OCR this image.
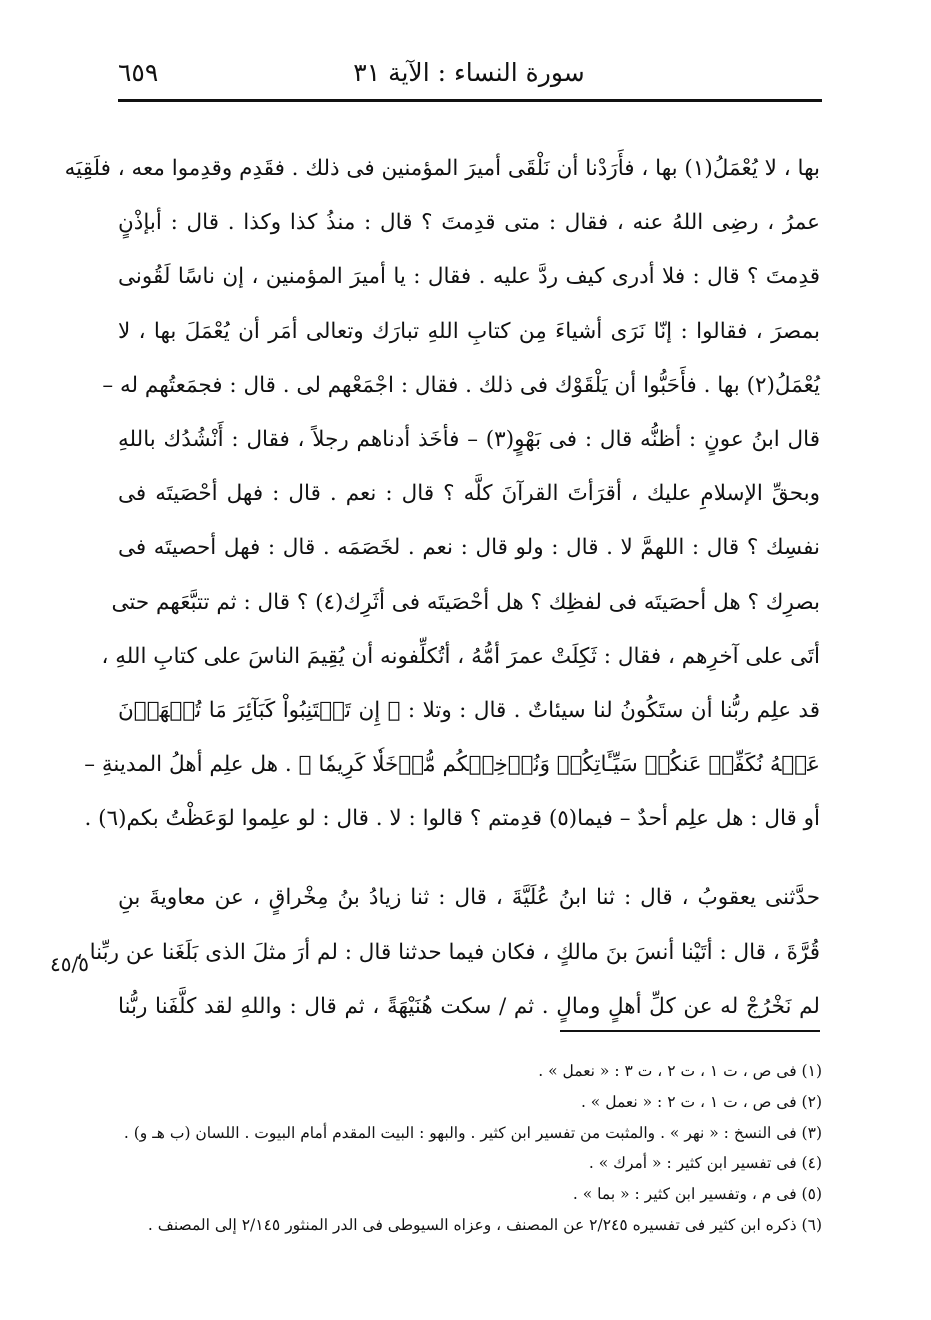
سورة النساء : الآية ٣١
٦٥٩
بها ، لا يُعْمَلُ(١) بها ، فأَرَدْنا أن نَلْقَى أميرَ المؤمنين فى ذلك . فقَدِم وقدِموا معه ، فلَقِيَه
عمرُ ، رضِى اللهُ عنه ، فقال : متى قدِمتَ ؟ قال : منذُ كذا وكذا . قال : أبإذْنٍ
قدِمتَ ؟ قال : فلا أدرى كيف ردَّ عليه . فقال : يا أميرَ المؤمنين ، إن ناسًا لَقُونى
بمصرَ ، فقالوا : إنّا نَرَى أشياءَ مِن كتابِ اللهِ تبارَك وتعالى أمَر أن يُعْمَلَ بها ، لا
يُعْمَلُ(٢) بها . فأَحَبُّوا أن يَلْقَوْك فى ذلك . فقال : اجْمَعْهم لى . قال : فجمَعتُهم له –
قال ابنُ عونٍ : أظنُّه قال : فى بَهْوٍ(٣) – فأخَذ أدناهم رجلاً ، فقال : أَنْشُدُك باللهِ
وبحقِّ الإسلامِ عليك ، أقرَأتَ القرآنَ كلَّه ؟ قال : نعم . قال : فهل أحْصَيتَه فى
نفسِك ؟ قال : اللهمَّ لا . قال : ولو قال : نعم . لخَصَمَه . قال : فهل أحصيتَه فى
بصرِك ؟ هل أحصَيتَه فى لفظِك ؟ هل أحْصَيتَه فى أثَرِك(٤) ؟ قال : ثم تتبَّعَهم حتى
أتَى على آخرِهم ، فقال : ثَكِلَتْ عمرَ أمُّهُ ، أتُكلِّفونه أن يُقِيمَ الناسَ على كتابِ اللهِ ،
قد علِم ربُّنا أن ستَكُونُ لنا سيئاتٌ . قال : وتلا : ﴿ إِن تَجۡتَنِبُواْ كَبَآئِرَ مَا تُنۡهَوۡنَ
عَنۡهُ نُكَفِّرۡ عَنكُمۡ سَيِّـَٔاتِكُمۡ وَنُدۡخِلۡكُم مُّدۡخَلٗا كَرِيمٗا ﴾ . هل علِم أهلُ المدينةِ –
أو قال : هل علِم أحدٌ – فيما(٥) قدِمتم ؟ قالوا : لا . قال : لو علِموا لوَعَظْتُ بكم(٦) .
حدَّثنى يعقوبُ ، قال : ثنا ابنُ عُلَيَّةَ ، قال : ثنا زيادُ بنُ مِخْراقٍ ، عن معاويةَ بنِ
قُرَّةَ ، قال : أتَيْنا أنسَ بنَ مالكٍ ، فكان فيما حدثنا قال : لم أرَ مثلَ الذى بَلَغَنا عن ربِّنا ،
لم نَخْرُجْ له عن كلِّ أهلٍ ومالٍ . ثم / سكت هُنَيْهَةً ، ثم قال : واللهِ لقد كلَّفَنا ربُّنا
٤٥/٥
(١) فى ص ، ت ١ ، ت ٢ ، ت ٣ : « نعمل » .
(٢) فى ص ، ت ١ ، ت ٢ : « نعمل » .
(٣) فى النسخ : « نهر » . والمثبت من تفسير ابن كثير . والبهو : البيت المقدم أمام البيوت . اللسان (ب هـ و) .
(٤) فى تفسير ابن كثير : « أمرك » .
(٥) فى م ، وتفسير ابن كثير : « بما » .
(٦) ذكره ابن كثير فى تفسيره ٢/٢٤٥ عن المصنف ، وعزاه السيوطى فى الدر المنثور ٢/١٤٥ إلى المصنف .
